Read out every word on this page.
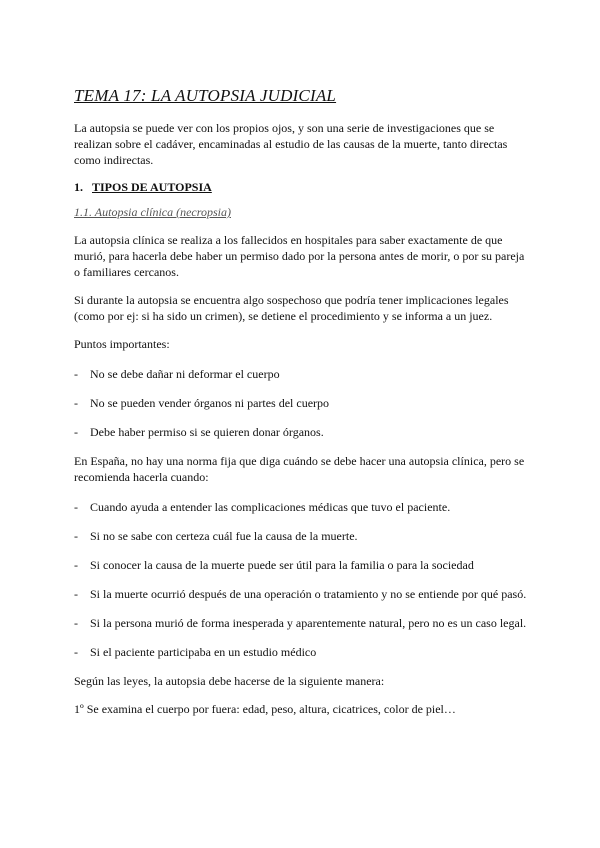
TEMA 17: LA AUTOPSIA JUDICIAL

La autopsia se puede ver con los propios ojos, y son una serie de investigaciones que se realizan sobre el cadáver, encaminadas al estudio de las causas de la muerte, tanto directas como indirectas.

1. TIPOS DE AUTOPSIA
1.1. Autopsia clínica (necropsia)

La autopsia clínica se realiza a los fallecidos en hospitales para saber exactamente de que murió, para hacerla debe haber un permiso dado por la persona antes de morir, o por su pareja o familiares cercanos.

Si durante la autopsia se encuentra algo sospechoso que podría tener implicaciones legales (como por ej: si ha sido un crimen), se detiene el procedimiento y se informa a un juez.

Puntos importantes:

- No se debe dañar ni deformar el cuerpo
- No se pueden vender órganos ni partes del cuerpo
- Debe haber permiso si se quieren donar órganos.

En España, no hay una norma fija que diga cuándo se debe hacer una autopsia clínica, pero se recomienda hacerla cuando:

- Cuando ayuda a entender las complicaciones médicas que tuvo el paciente.
- Si no se sabe con certeza cuál fue la causa de la muerte.
- Si conocer la causa de la muerte puede ser útil para la familia o para la sociedad
- Si la muerte ocurrió después de una operación o tratamiento y no se entiende por qué pasó.
- Si la persona murió de forma inesperada y aparentemente natural, pero no es un caso legal.
- Si el paciente participaba en un estudio médico

Según las leyes, la autopsia debe hacerse de la siguiente manera:

1º Se examina el cuerpo por fuera: edad, peso, altura, cicatrices, color de piel…
